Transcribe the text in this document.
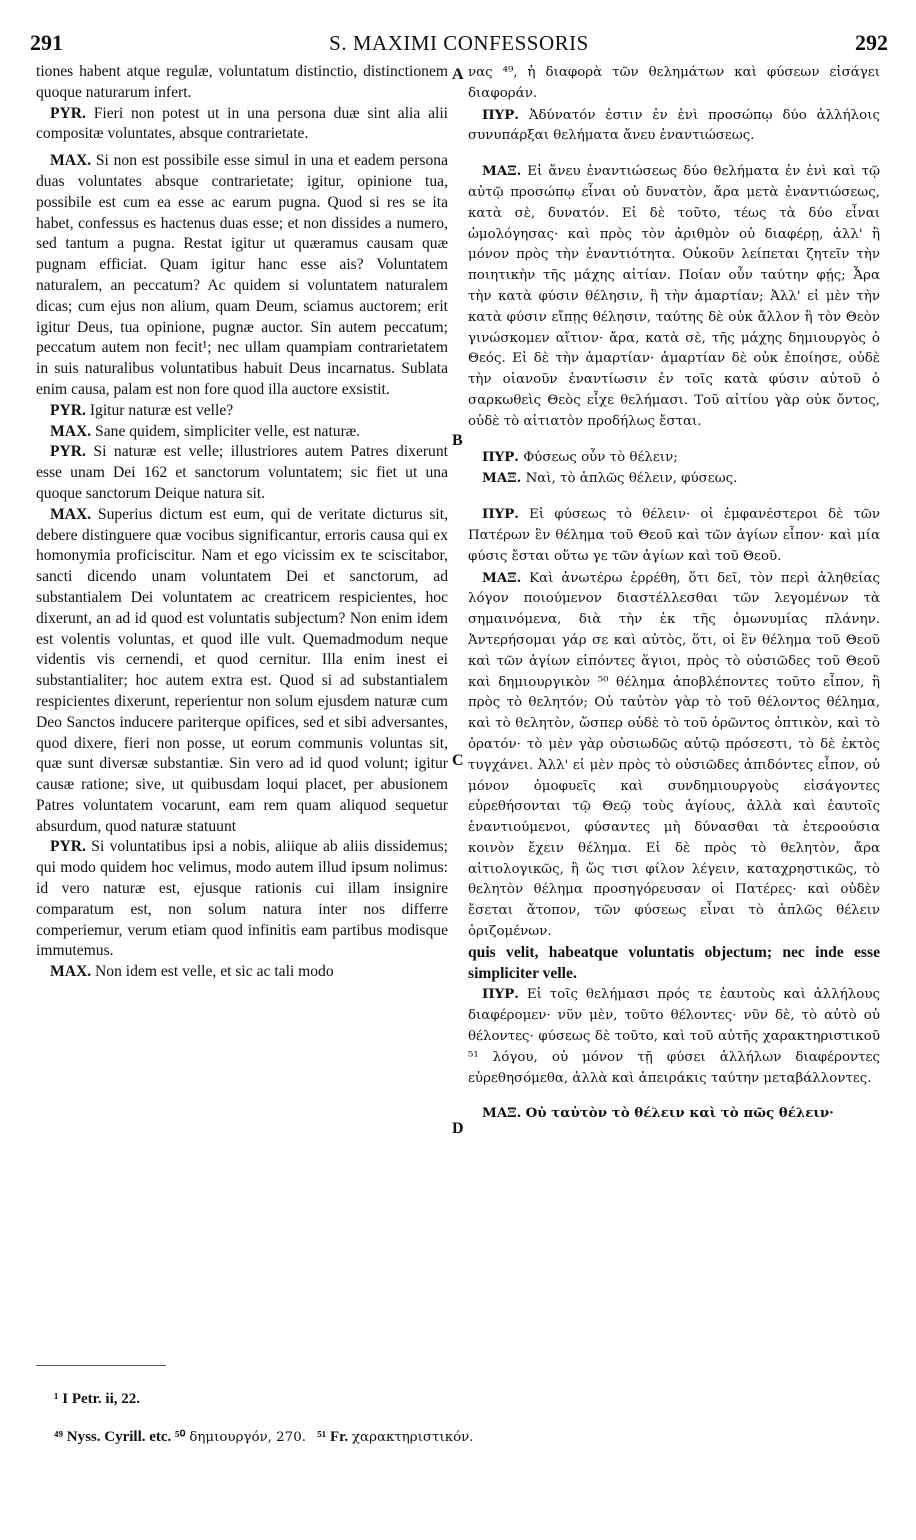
291	S. MAXIMI CONFESSORIS	292

tiones habent atque regulæ, voluntatum distinctio, distinctionem quoque naturarum infert.

PYR. Fieri non potest ut in una persona duæ sint alia alii compositæ voluntates, absque contrarietate.

MAX. Si non est possibile esse simul in una et eadem persona duas voluntates absque contrarietate; igitur, opinione tua, possibile est cum ea esse ac earum pugna. Quod si res se ita habet, confessus es hactenus duas esse; et non dissides a numero, sed tantum a pugna. Restat igitur ut quæramus causam quæ pugnam efficiat. Quam igitur hanc esse ais? Voluntatem naturalem, an peccatum? Ac quidem si voluntatem naturalem dicas; cum ejus non alium, quam Deum, sciamus auctorem; erit igitur Deus, tua opinione, pugnæ auctor. Sin autem peccatum; peccatum autem non fecit¹; nec ullam quampiam contrarietatem in suis naturalibus voluntatibus habuit Deus incarnatus. Sublata enim causa, palam est non fore quod illa auctore exsistit.

PYR. Igitur naturæ est velle?

MAX. Sane quidem, simpliciter velle, est naturæ.

PYR. Si naturæ est velle; illustriores autem Patres dixerunt esse unam Dei 162 et sanctorum voluntatem; sic fiet ut una quoque sanctorum Deique natura sit.

MAX. Superius dictum est eum, qui de veritate dicturus sit, debere distinguere quæ vocibus significantur, erroris causa qui ex homonymia proficiscitur. Nam et ego vicissim ex te sciscitabor, sancti dicendo unam voluntatem Dei et sanctorum, ad substantialem Dei voluntatem ac creatricem respicientes, hoc dixerunt, an ad id quod est voluntatis subjectum? Non enim idem est volentis voluntas, et quod ille vult. Quemadmodum neque videntis vis cernendi, et quod cernitur. Illa enim inest ei substantialiter; hoc autem extra est. Quod si ad substantialem respicientes dixerunt, reperientur non solum ejusdem naturæ cum Deo Sanctos inducere pariterque opifices, sed et sibi adversantes, quod dixere, fieri non posse, ut eorum communis voluntas sit, quæ sunt diversæ substantiæ. Sin vero ad id quod volunt; igitur causæ ratione; sive, ut quibusdam loqui placet, per abusionem Patres voluntatem vocarunt, eam rem quam aliquod sequetur absurdum, quod naturæ statuunt

PYR. Si voluntatibus ipsi a nobis, aliique ab aliis dissidemus; qui modo quidem hoc velimus, modo autem illud ipsum nolimus: id vero naturæ est, ejusque rationis cui illam insignire comparatum est, non solum natura inter nos differre comperiemur, verum etiam quod infinitis eam partibus modisque immutemus.

MAX. Non idem est velle, et sic ac tali modo

A
B
C
D

νας ⁴⁹, ἡ διαφορὰ τῶν θελημάτων καὶ φύσεων εἰσάγει διαφοράν.

ΠΥΡ. Ἀδύνατόν ἐστιν ἐν ἑνὶ προσώπῳ δύο ἀλλήλοις συνυπάρξαι θελήματα ἄνευ ἐναντιώσεως.

ΜΑΞ. Εἰ ἄνευ ἐναντιώσεως δύο θελήματα ἐν ἑνὶ καὶ τῷ αὐτῷ προσώπῳ εἶναι οὐ δυνατὸν, ἄρα μετὰ ἐναντιώσεως, κατὰ σὲ, δυνατόν. Εἰ δὲ τοῦτο, τέως τὰ δύο εἶναι ὡμολόγησας· καὶ πρὸς τὸν ἀριθμὸν οὐ διαφέρῃ, ἀλλ' ἢ μόνον πρὸς τὴν ἐναντιότητα. Οὐκοῦν λείπεται ζητεῖν τὴν ποιητικὴν τῆς μάχης αἰτίαν. Ποίαν οὖν ταύτην φῄς; Ἆρα τὴν κατὰ φύσιν θέλησιν, ἢ τὴν ἁμαρτίαν; Ἀλλ' εἰ μὲν τὴν κατὰ φύσιν εἴπῃς θέλησιν, ταύτης δὲ οὐκ ἄλλον ἢ τὸν Θεὸν γινώσκομεν αἴτιον· ἄρα, κατὰ σὲ, τῆς μάχης δημιουργὸς ὁ Θεός. Εἰ δὲ τὴν ἁμαρτίαν· ἁμαρτίαν δὲ οὐκ ἐποίησε, οὐδὲ τὴν οἱανοῦν ἐναντίωσιν ἐν τοῖς κατὰ φύσιν αὐτοῦ ὁ σαρκωθεὶς Θεὸς εἶχε θελήμασι. Τοῦ αἰτίου γὰρ οὐκ ὄντος, οὐδὲ τὸ αἰτιατὸν προδήλως ἔσται.

ΠΥΡ. Φύσεως οὖν τὸ θέλειν;

ΜΑΞ. Ναὶ, τὸ ἁπλῶς θέλειν, φύσεως.

ΠΥΡ. Εἰ φύσεως τὸ θέλειν· οἱ ἐμφανέστεροι δὲ τῶν Πατέρων ἓν θέλημα τοῦ Θεοῦ καὶ τῶν ἁγίων εἶπον· καὶ μία φύσις ἔσται οὕτω γε τῶν ἁγίων καὶ τοῦ Θεοῦ.

ΜΑΞ. Καὶ ἀνωτέρω ἐρρέθη, ὅτι δεῖ, τὸν περὶ ἀληθείας λόγον ποιούμενον διαστέλλεσθαι τῶν λεγομένων τὰ σημαινόμενα, διὰ τὴν ἐκ τῆς ὁμωνυμίας πλάνην. Ἀντερήσομαι γάρ σε καὶ αὐτὸς, ὅτι, οἱ ἓν θέλημα τοῦ Θεοῦ καὶ τῶν ἁγίων εἰπόντες ἅγιοι, πρὸς τὸ οὐσιῶδες τοῦ Θεοῦ καὶ δημιουργικὸν ⁵⁰ θέλημα ἀποβλέποντες τοῦτο εἶπον, ἢ πρὸς τὸ θελητόν; Οὐ ταὐτὸν γὰρ τὸ τοῦ θέλοντος θέλημα, καὶ τὸ θελητὸν, ὥσπερ οὐδὲ τὸ τοῦ ὁρῶντος ὀπτικὸν, καὶ τὸ ὁρατόν· τὸ μὲν γὰρ οὐσιωδῶς αὐτῷ πρόσεστι, τὸ δὲ ἐκτὸς τυγχάνει. Ἀλλ' εἰ μὲν πρὸς τὸ οὐσιῶδες ἀπιδόντες εἶπον, οὐ μόνον ὁμοφυεῖς καὶ συνδημιουργοὺς εἰσάγοντες εὑρεθήσονται τῷ Θεῷ τοὺς ἁγίους, ἀλλὰ καὶ ἑαυτοῖς ἐναντιούμενοι, φύσαντες μὴ δύνασθαι τὰ ἑτεροούσια κοινὸν ἔχειν θέλημα. Εἰ δὲ πρὸς τὸ θελητὸν, ἄρα αἰτιολογικῶς, ἢ ὥς τισι φίλον λέγειν, καταχρηστικῶς, τὸ θελητὸν θέλημα προσηγόρευσαν οἱ Πατέρες· καὶ οὐδὲν ἔσεται ἄτοπον, τῶν φύσεως εἶναι τὸ ἁπλῶς θέλειν ὁριζομένων.

quis velit, habeatque voluntatis objectum; nec inde esse simpliciter velle.

ΠΥΡ. Εἰ τοῖς θελήμασι πρός τε ἑαυτοὺς καὶ ἀλλήλους διαφέρομεν· νῦν μὲν, τοῦτο θέλοντες· νῦν δὲ, τὸ αὐτὸ οὐ θέλοντες· φύσεως δὲ τοῦτο, καὶ τοῦ αὐτῆς χαρακτηριστικοῦ ⁵¹ λόγου, οὐ μόνον τῇ φύσει ἀλλήλων διαφέροντες εὑρεθησόμεθα, ἀλλὰ καὶ ἀπειράκις ταύτην μεταβάλλοντες.

ΜΑΞ. Οὐ ταὐτὸν τὸ θέλειν καὶ τὸ πῶς θέλειν·

¹ I Petr. ii, 22.
⁴⁹ Nyss. Cyrill. etc. ⁵⁰ δημιουργόν, 270. ⁵¹ Fr. χαρακτηριστικόν.
